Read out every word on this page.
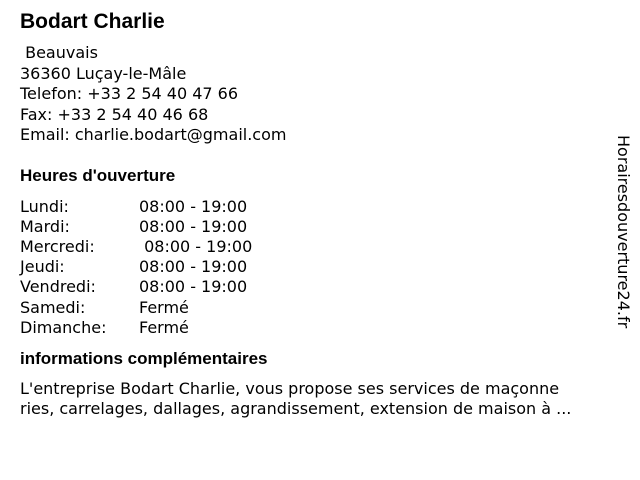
Bodart Charlie
Beauvais
36360 Luçay-le-Mâle
Telefon: +33 2 54 40 47 66
Fax: +33 2 54 40 46 68
Email: charlie.bodart@gmail.com
Heures d'ouverture
Lundi:	08:00 - 19:00
Mardi:	08:00 - 19:00
Mercredi:	08:00 - 19:00
Jeudi:	08:00 - 19:00
Vendredi:	08:00 - 19:00
Samedi:	Fermé
Dimanche:	Fermé
informations complémentaires
L'entreprise Bodart Charlie, vous propose ses services de maçonne
ries, carrelages, dallages, agrandissement, extension de maison à ...
Horairesdouverture24.fr
